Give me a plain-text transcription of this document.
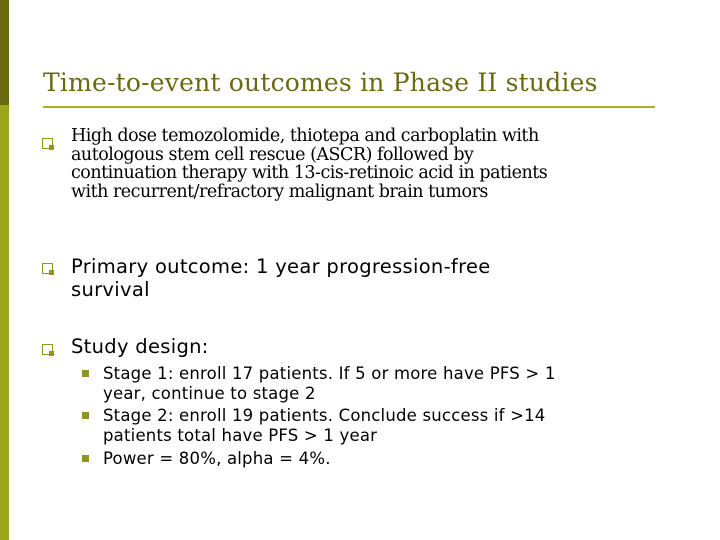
Time-to-event outcomes in Phase II studies
High dose temozolomide, thiotepa and carboplatin with
autologous stem cell rescue (ASCR) followed by
continuation therapy with 13-cis-retinoic acid in patients
with recurrent/refractory malignant brain tumors
Primary outcome: 1 year progression-free
survival
Study design:
Stage 1: enroll 17 patients. If 5 or more have PFS > 1
year, continue to stage 2
Stage 2: enroll 19 patients. Conclude success if >14
patients total have PFS > 1 year
Power = 80%, alpha = 4%.
